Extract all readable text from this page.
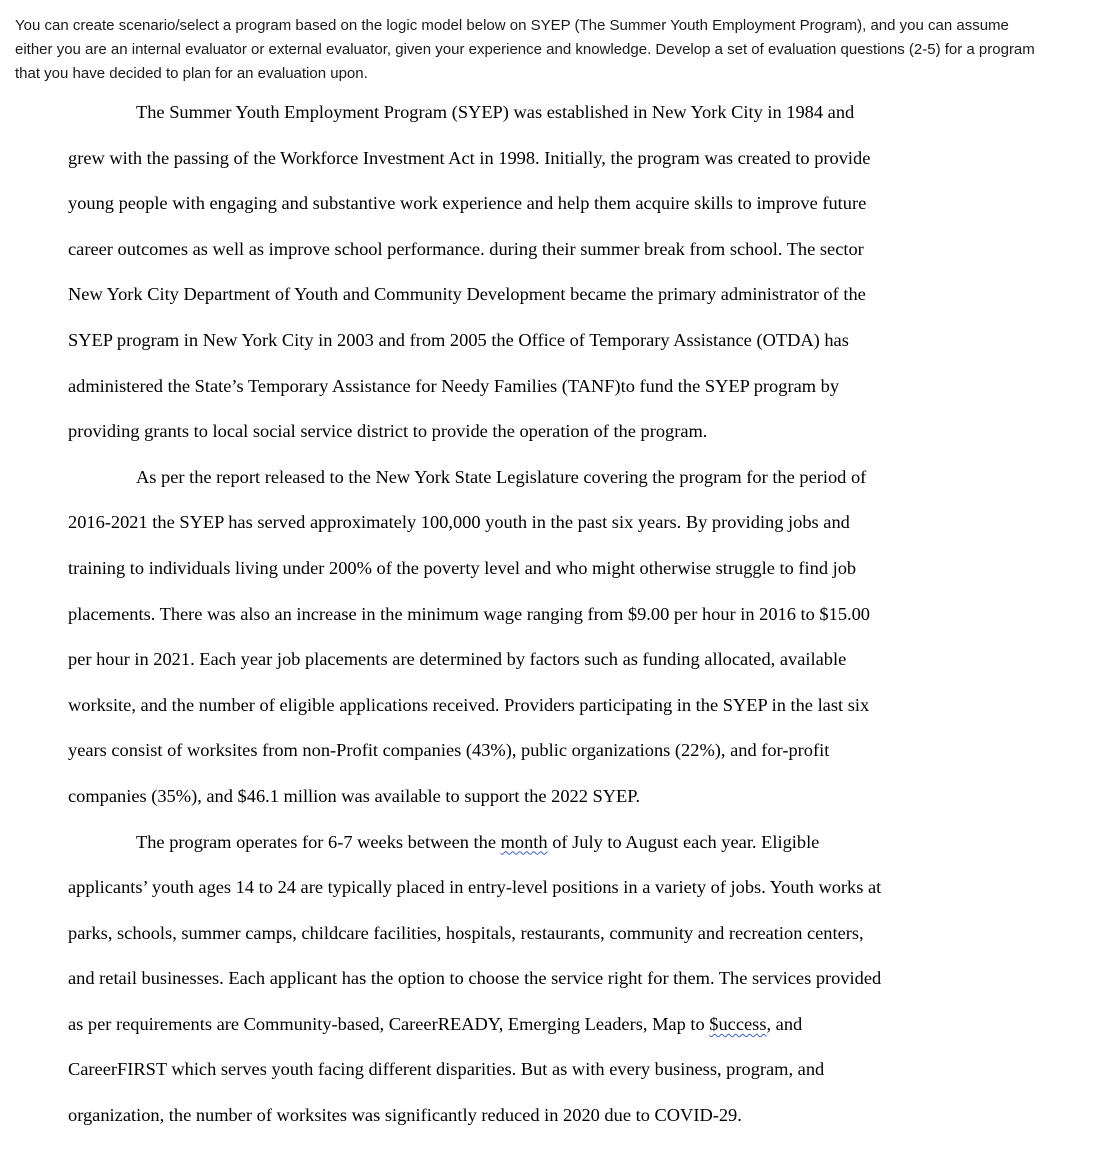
You can create scenario/select a program based on the logic model below on SYEP (The Summer Youth Employment Program), and you can assume
either you are an internal evaluator or external evaluator, given your experience and knowledge. Develop a set of evaluation questions (2-5) for a program
that you have decided to plan for an evaluation upon.
The Summer Youth Employment Program (SYEP) was established in New York City in 1984 and
grew with the passing of the Workforce Investment Act in 1998. Initially, the program was created to provide
young people with engaging and substantive work experience and help them acquire skills to improve future
career outcomes as well as improve school performance. during their summer break from school. The sector
New York City Department of Youth and Community Development became the primary administrator of the
SYEP program in New York City in 2003 and from 2005 the Office of Temporary Assistance (OTDA) has
administered the State’s Temporary Assistance for Needy Families (TANF)to fund the SYEP program by
providing grants to local social service district to provide the operation of the program.
As per the report released to the New York State Legislature covering the program for the period of
2016-2021 the SYEP has served approximately 100,000 youth in the past six years. By providing jobs and
training to individuals living under 200% of the poverty level and who might otherwise struggle to find job
placements. There was also an increase in the minimum wage ranging from $9.00 per hour in 2016 to $15.00
per hour in 2021. Each year job placements are determined by factors such as funding allocated, available
worksite, and the number of eligible applications received. Providers participating in the SYEP in the last six
years consist of worksites from non-Profit companies (43%), public organizations (22%), and for-profit
companies (35%), and $46.1 million was available to support the 2022 SYEP.
The program operates for 6-7 weeks between the month of July to August each year. Eligible
applicants’ youth ages 14 to 24 are typically placed in entry-level positions in a variety of jobs. Youth works at
parks, schools, summer camps, childcare facilities, hospitals, restaurants, community and recreation centers,
and retail businesses. Each applicant has the option to choose the service right for them. The services provided
as per requirements are Community-based, CareerREADY, Emerging Leaders, Map to $uccess, and
CareerFIRST which serves youth facing different disparities. But as with every business, program, and
organization, the number of worksites was significantly reduced in 2020 due to COVID-29.
